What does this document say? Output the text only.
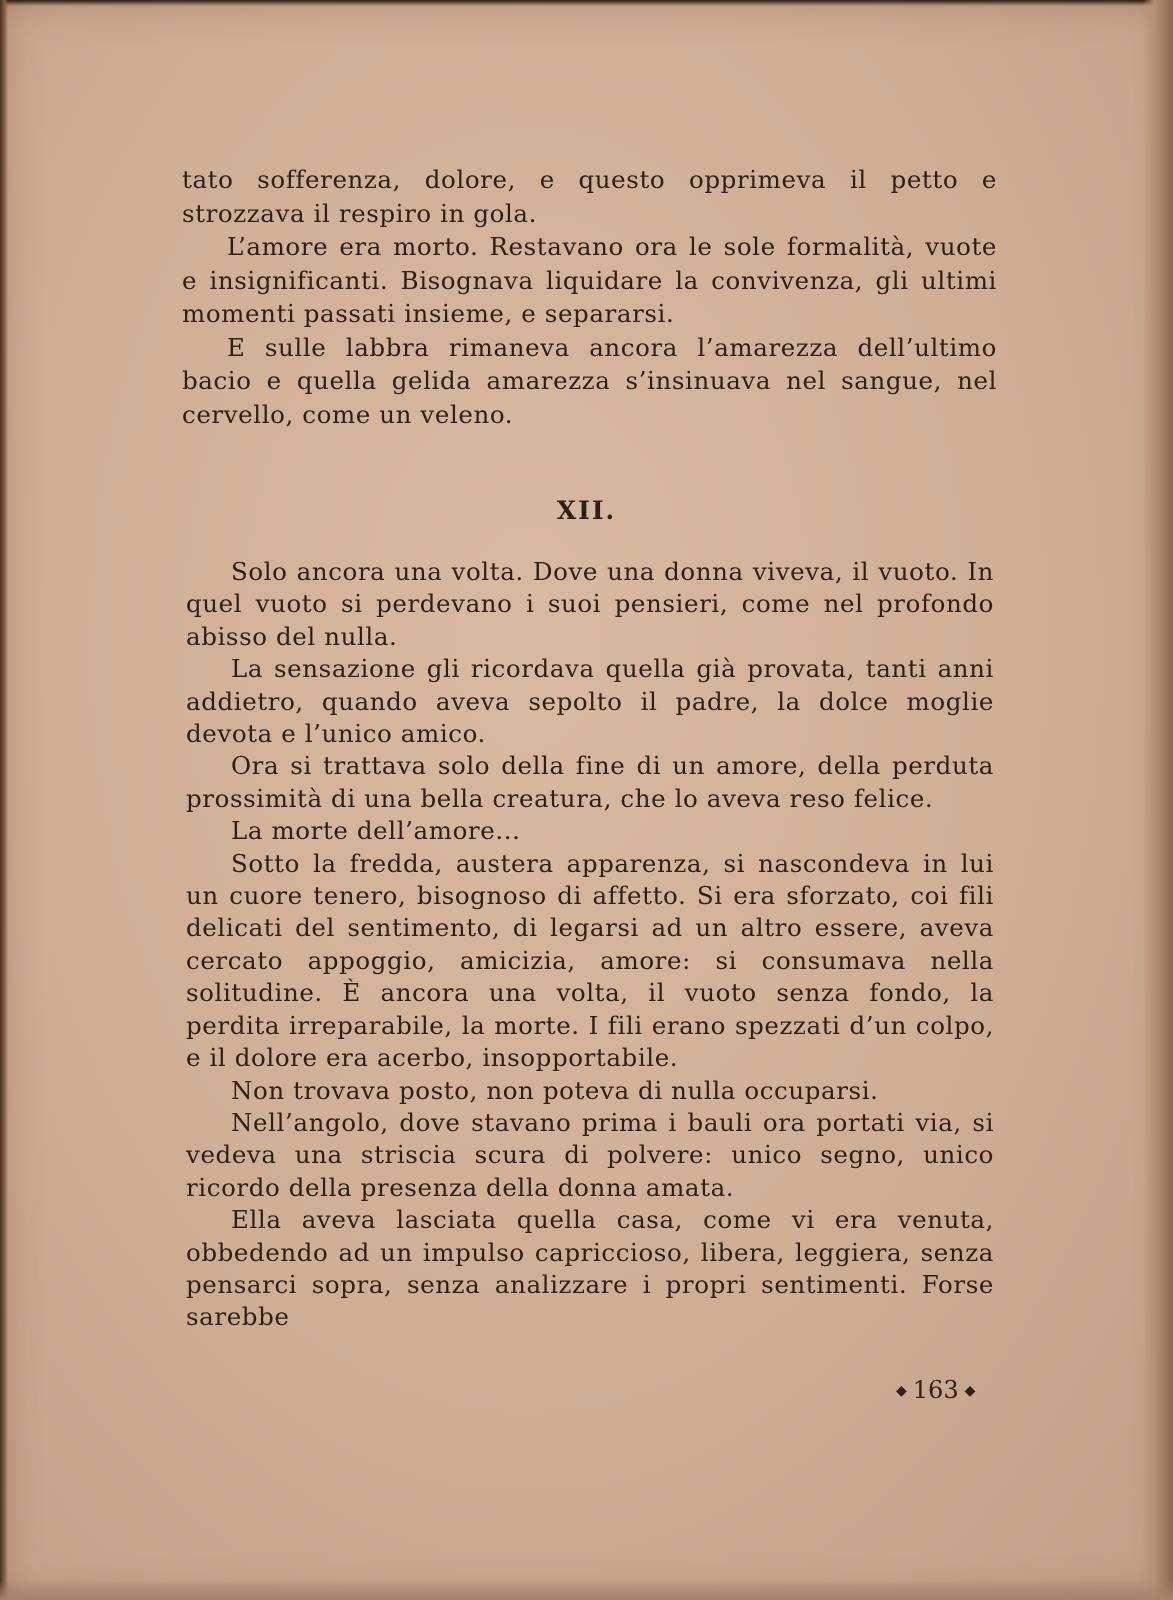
tato sofferenza, dolore, e questo opprimeva il petto e strozzava il respiro in gola.

L’amore era morto. Restavano ora le sole formalità, vuote e insignificanti. Bisognava liquidare la convivenza, gli ultimi momenti passati insieme, e separarsi.

E sulle labbra rimaneva ancora l’amarezza dell’ultimo bacio e quella gelida amarezza s’insinuava nel sangue, nel cervello, come un veleno.

XII.

Solo ancora una volta. Dove una donna viveva, il vuoto. In quel vuoto si perdevano i suoi pensieri, come nel profondo abisso del nulla.

La sensazione gli ricordava quella già provata, tanti anni addietro, quando aveva sepolto il padre, la dolce moglie devota e l’unico amico.

Ora si trattava solo della fine di un amore, della perduta prossimità di una bella creatura, che lo aveva reso felice.

La morte dell’amore...

Sotto la fredda, austera apparenza, si nascondeva in lui un cuore tenero, bisognoso di affetto. Si era sforzato, coi fili delicati del sentimento, di legarsi ad un altro essere, aveva cercato appoggio, amicizia, amore: si consumava nella solitudine. È ancora una volta, il vuoto senza fondo, la perdita irreparabile, la morte. I fili erano spezzati d’un colpo, e il dolore era acerbo, insopportabile.

Non trovava posto, non poteva di nulla occuparsi.

Nell’angolo, dove stavano prima i bauli ora portati via, si vedeva una striscia scura di polvere: unico segno, unico ricordo della presenza della donna amata.

Ella aveva lasciata quella casa, come vi era venuta, obbedendo ad un impulso capriccioso, libera, leggiera, senza pensarci sopra, senza analizzare i propri sentimenti. Forse sarebbe

◆ 163 ◆
